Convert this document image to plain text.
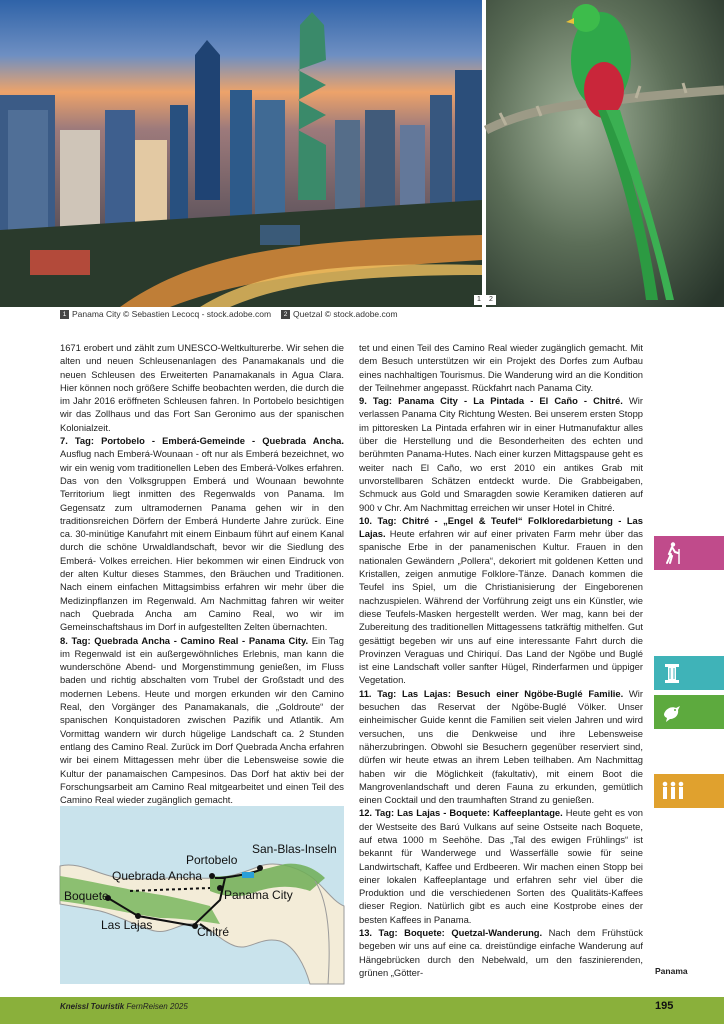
1	2
1 Panama City © Sebastien Lecocq - stock.adobe.com 2 Quetzal © stock.adobe.com

1671 erobert und zählt zum UNESCO-Weltkulturerbe. Wir sehen die alten und neuen Schleusenanlagen des Panamakanals und die neuen Schleusen des Erweiterten Panamakanals in Agua Clara. Hier können noch größere Schiffe beobachten werden, die durch die im Jahr 2016 eröffneten Schleusen fahren. In Portobelo besichtigen wir das Zollhaus und das Fort San Geronimo aus der spanischen Kolonialzeit.

7. Tag: Portobelo - Emberá-Gemeinde - Quebrada Ancha. Ausflug nach Emberá-Wounaan - oft nur als Emberá bezeichnet, wo wir ein wenig vom traditionellen Leben des Emberá-Volkes erfahren. Das von den Volksgruppen Emberá und Wounaan bewohnte Territorium liegt inmitten des Regenwalds von Panama. Im Gegensatz zum ultramodernen Panama gehen wir in den traditionsreichen Dörfern der Emberá Hunderte Jahre zurück. Eine ca. 30-minütige Kanufahrt mit einem Einbaum führt auf einem Kanal durch die schöne Urwaldlandschaft, bevor wir die Siedlung des Emberá- Volkes erreichen. Hier bekommen wir einen Eindruck von der alten Kultur dieses Stammes, den Bräuchen und Traditionen. Nach einem einfachen Mittagsimbiss erfahren wir mehr über die Medizinpflanzen im Regenwald. Am Nachmittag fahren wir weiter nach Quebrada Ancha am Camino Real, wo wir im Gemeinschaftshaus im Dorf in aufgestellten Zelten übernachten.

8. Tag: Quebrada Ancha - Camino Real - Panama City. Ein Tag im Regenwald ist ein außergewöhnliches Erlebnis, man kann die wunderschöne Abend- und Morgenstimmung genießen, im Fluss baden und richtig abschalten vom Trubel der Großstadt und des modernen Lebens. Heute und morgen erkunden wir den Camino Real, den Vorgänger des Panamakanals, die „Goldroute“ der spanischen Konquistadoren zwischen Pazifik und Atlantik. Am Vormittag wandern wir durch hügelige Landschaft ca. 2 Stunden entlang des Camino Real. Zurück im Dorf Quebrada Ancha erfahren wir bei einem Mittagessen mehr über die Lebensweise sowie die Kultur der panamaischen Campesinos. Das Dorf hat aktiv bei der Forschungsarbeit am Camino Real mitgearbeitet und einen Teil des Camino Real wieder zugänglich gemacht.

San-Blas-Inseln
Portobelo
Quebrada Ancha
Boquete	Panama City
Las Lajas	Chitré

tet und einen Teil des Camino Real wieder zugänglich gemacht. Mit dem Besuch unterstützen wir ein Projekt des Dorfes zum Aufbau eines nachhaltigen Tourismus. Die Wanderung wird an die Kondition der Teilnehmer angepasst. Rückfahrt nach Panama City.

9. Tag: Panama City - La Pintada - El Caño - Chitré. Wir verlassen Panama City Richtung Westen. Bei unserem ersten Stopp im pittoresken La Pintada erfahren wir in einer Hutmanufaktur alles über die Herstellung und die Besonderheiten des echten und berühmten Panama-Hutes. Nach einer kurzen Mittagspause geht es weiter nach El Caño, wo erst 2010 ein antikes Grab mit unvorstellbaren Schätzen entdeckt wurde. Die Grabbeigaben, Schmuck aus Gold und Smaragden sowie Keramiken datieren auf 900 v Chr. Am Nachmittag erreichen wir unser Hotel in Chitré.

10. Tag: Chitré - „Engel & Teufel“ Folkloredarbietung - Las Lajas. Heute erfahren wir auf einer privaten Farm mehr über das spanische Erbe in der panamenischen Kultur. Frauen in den nationalen Gewändern „Pollera“, dekoriert mit goldenen Ketten und Kristallen, zeigen anmutige Folklore-Tänze. Danach kommen die Teufel ins Spiel, um die Christianisierung der Eingeborenen nachzuspielen. Während der Vorführung zeigt uns ein Künstler, wie diese Teufels-Masken hergestellt werden. Wer mag, kann bei der Zubereitung des traditionellen Mittagessens tatkräftig mithelfen. Gut gesättigt begeben wir uns auf eine interessante Fahrt durch die Provinzen Veraguas und Chiriquí. Das Land der Ngöbe und Buglé ist eine Landschaft voller sanfter Hügel, Rinderfarmen und üppiger Vegetation.

11. Tag: Las Lajas: Besuch einer Ngöbe-Buglé Familie. Wir besuchen das Reservat der Ngöbe-Buglé Völker. Unser einheimischer Guide kennt die Familien seit vielen Jahren und wird versuchen, uns die Denkweise und ihre Lebensweise näherzubringen. Obwohl sie Besuchern gegenüber reserviert sind, dürfen wir heute etwas an ihrem Leben teilhaben. Am Nachmittag haben wir die Möglichkeit (fakultativ), mit einem Boot die Mangrovenlandschaft und deren Fauna zu erkunden, gemütlich einen Cocktail und den traumhaften Strand zu genießen.

12. Tag: Las Lajas - Boquete: Kaffeeplantage. Heute geht es von der Westseite des Barú Vulkans auf seine Ostseite nach Boquete, auf etwa 1000 m Seehöhe. Das „Tal des ewigen Frühlings“ ist bekannt für Wanderwege und Wasserfälle sowie für seine Landwirtschaft, Kaffee und Erdbeeren. Wir machen einen Stopp bei einer lokalen Kaffeeplantage und erfahren sehr viel über die Produktion und die verschiedenen Sorten des Qualitäts-Kaffees dieser Region. Natürlich gibt es auch eine Kostprobe eines der besten Kaffees in Panama.

13. Tag: Boquete: Quetzal-Wanderung. Nach dem Frühstück begeben wir uns auf eine ca. dreistündige einfache Wanderung auf Hängebrücken durch den Nebelwald, um den faszinierenden, grünen „Götter-	Panama
Kneissl Touristik FernReisen 2025	195
